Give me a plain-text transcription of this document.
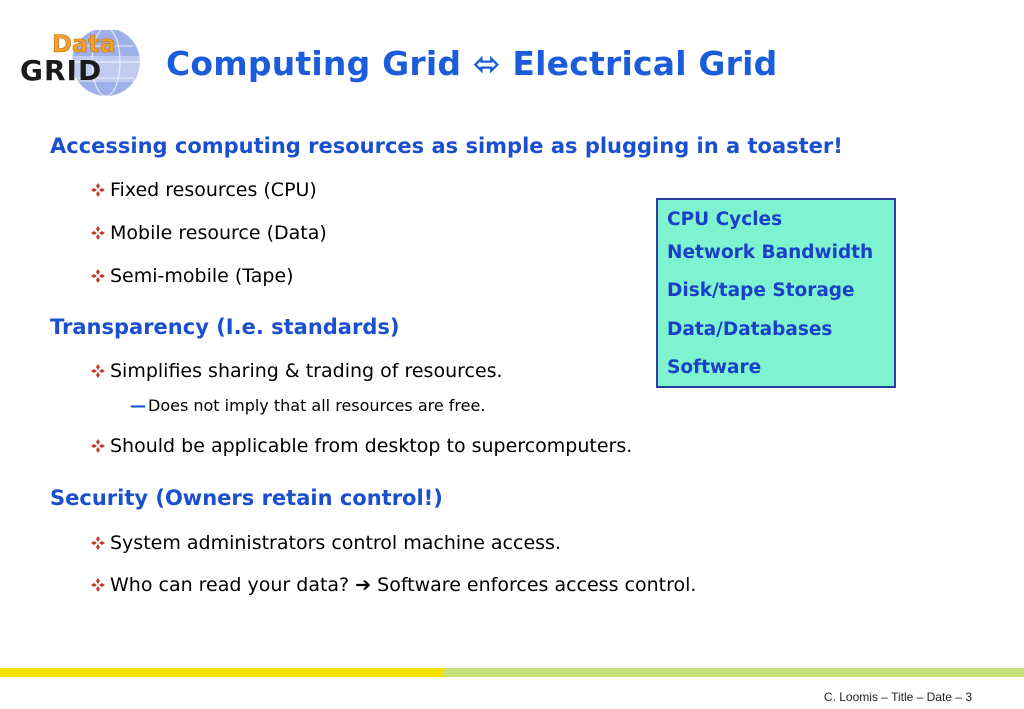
Data
GRID Computing Grid ⬄ Electrical Grid
Accessing computing resources as simple as plugging in a toaster!
Fixed resources (CPU)
Mobile resource (Data)
Semi-mobile (Tape)
Transparency (I.e. standards)
Simplifies sharing & trading of resources.
— Does not imply that all resources are free.
Should be applicable from desktop to supercomputers.
Security (Owners retain control!)
System administrators control machine access.
Who can read your data? ➔ Software enforces access control.
CPU Cycles
Network Bandwidth
Disk/tape Storage
Data/Databases
Software
C. Loomis – Title – Date – 3
